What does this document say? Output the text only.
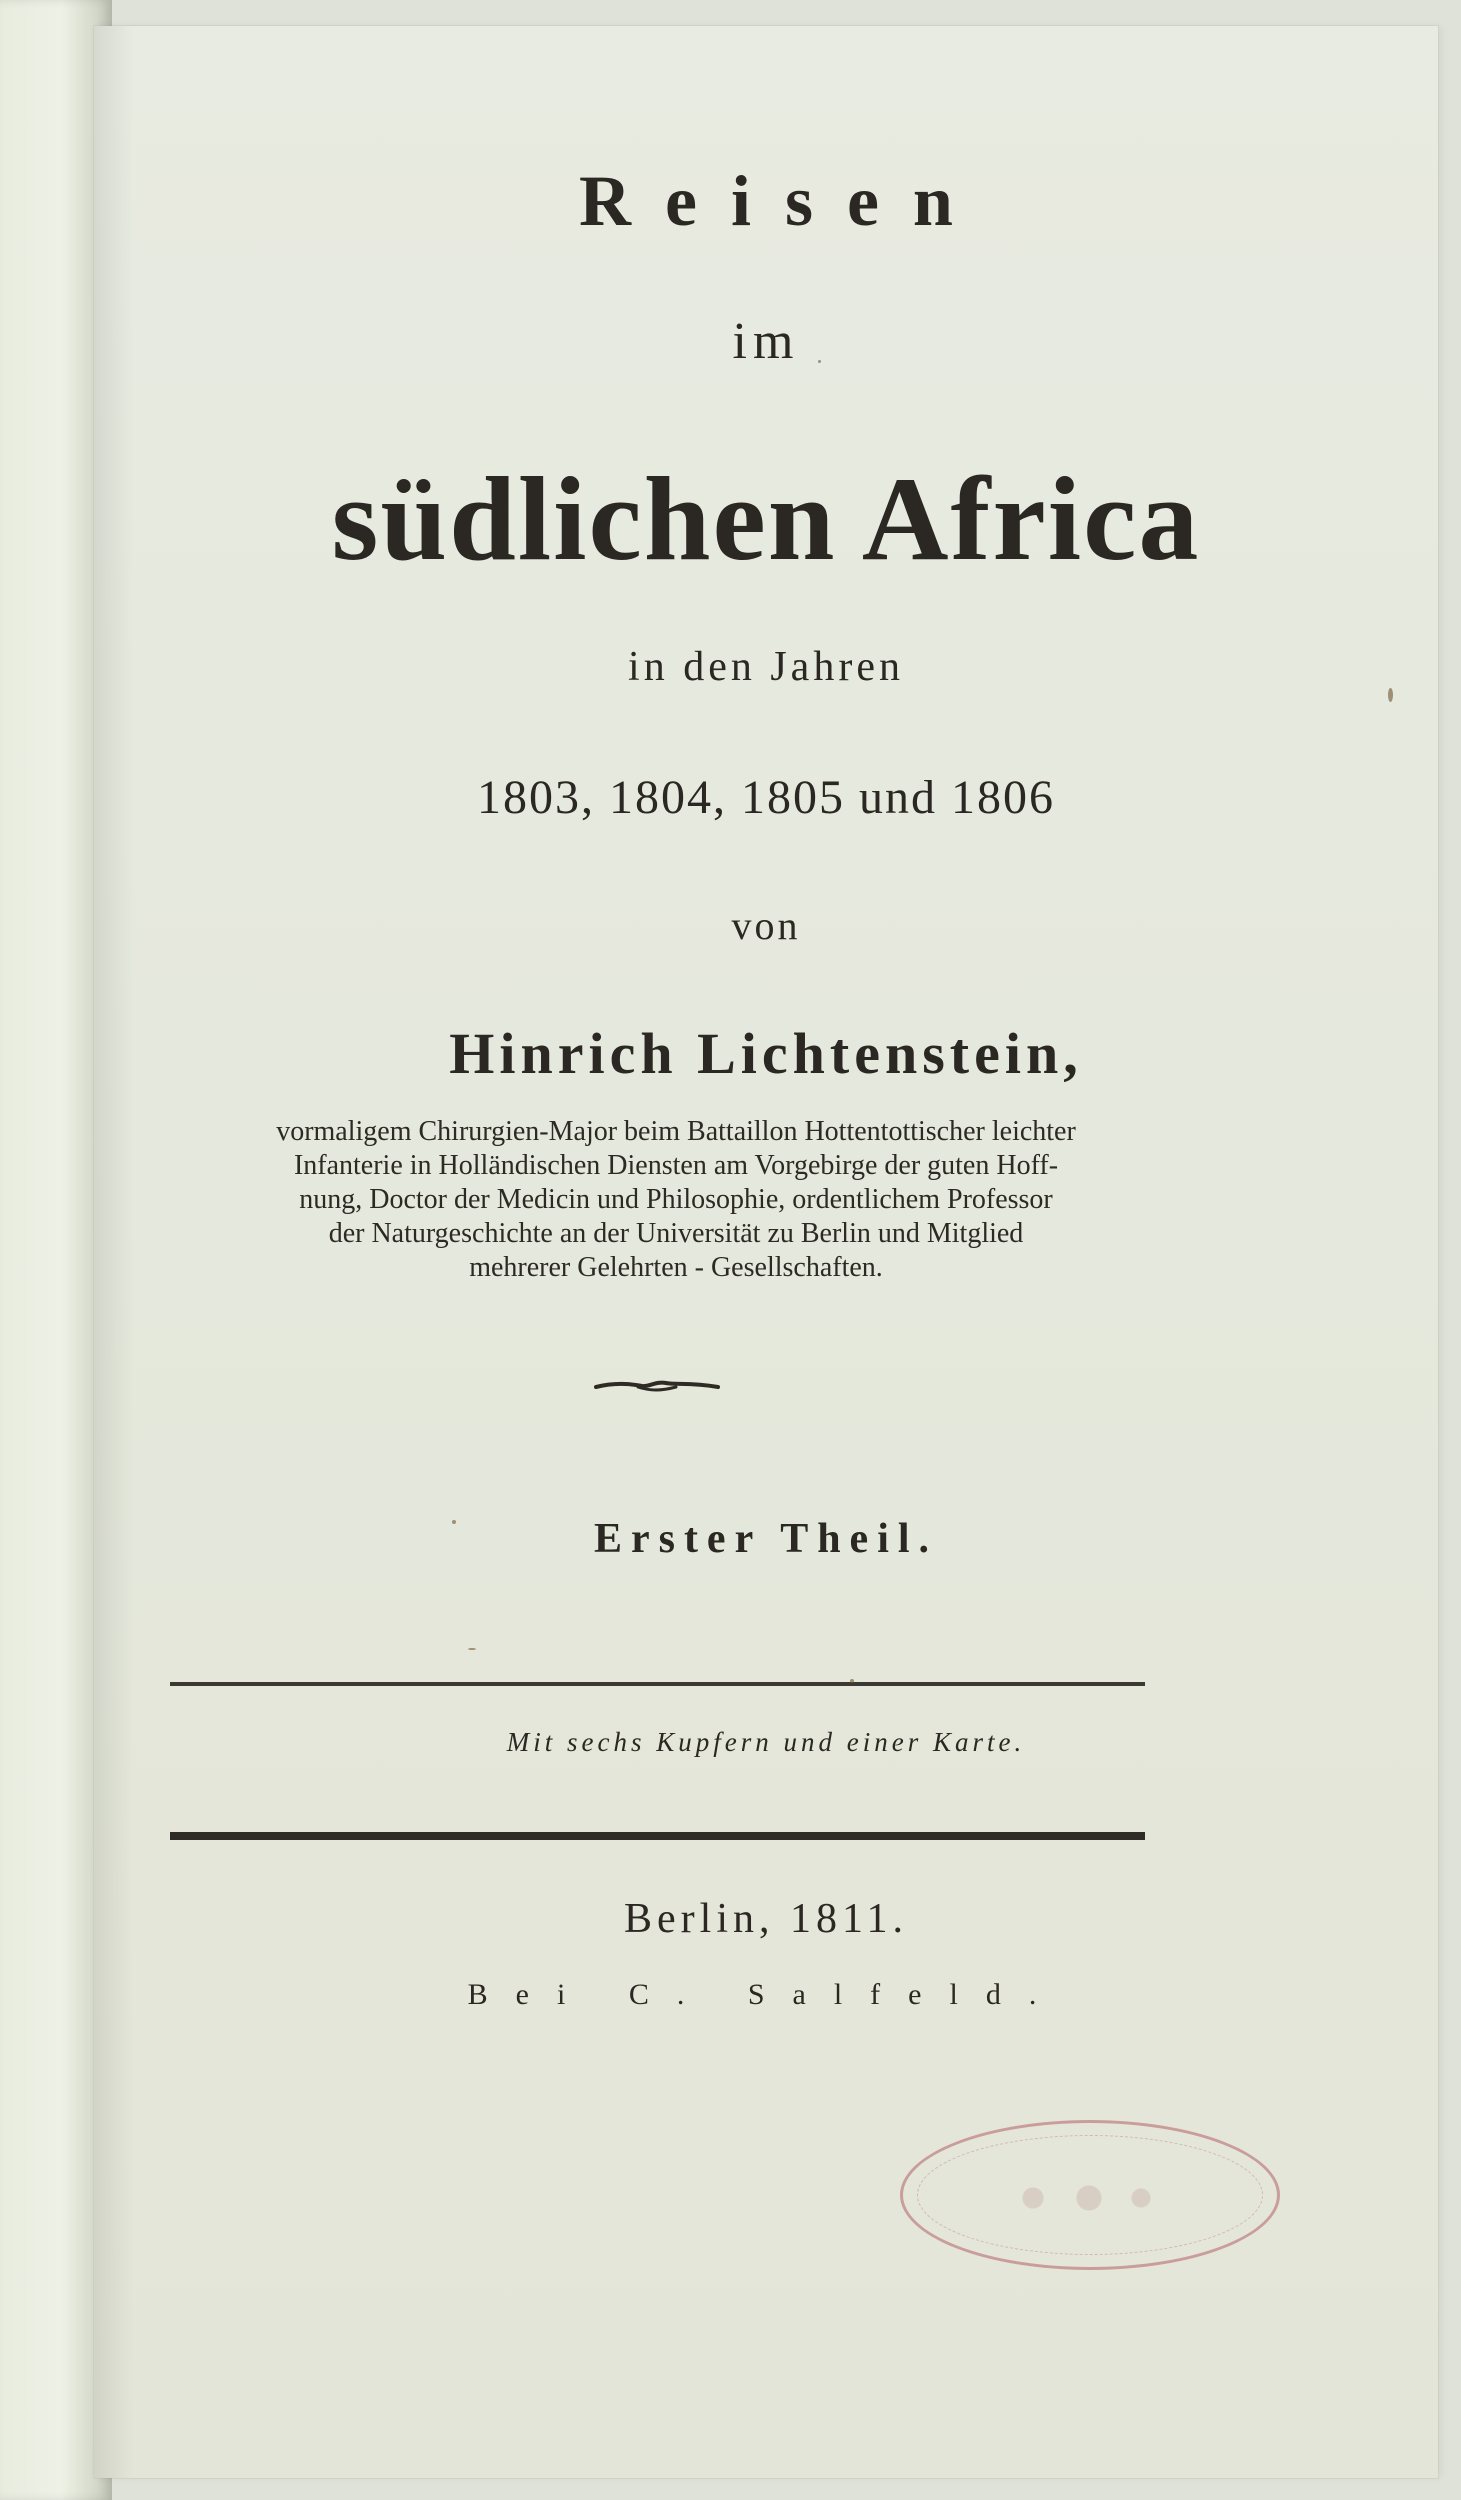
Reisen
im
südlichen Africa
in den Jahren
1803, 1804, 1805 und 1806
von
Hinrich Lichtenstein,
vormaligem Chirurgien-Major beim Battaillon Hottentottischer leichter
Infanterie in Holländischen Diensten am Vorgebirge der guten Hoff-
nung, Doctor der Medicin und Philosophie, ordentlichem Professor
der Naturgeschichte an der Universität zu Berlin und Mitglied
mehrerer Gelehrten - Gesellschaften.
Erster Theil.
Mit sechs Kupfern und einer Karte.
Berlin, 1811.
Bei C. Salfeld.
